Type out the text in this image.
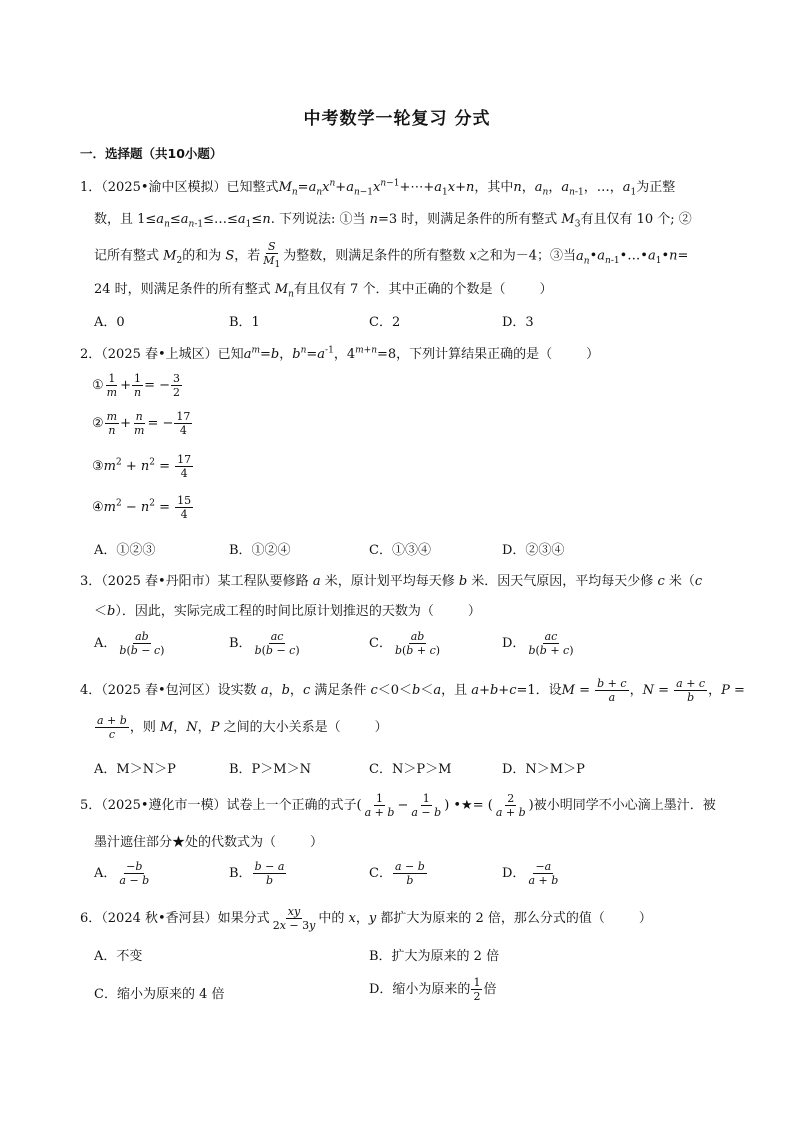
中考数学一轮复习 分式
一．选择题（共10小题）
1．（2025•渝中区模拟）已知整式$M_n=a_nx^n+a_{n-1}x^{n-1}+\cdots+a_1x+n$，其中n，$a_n$，$a_{n-1}$，…，$a_1$为正整
数，且 $1\le a_n\le a_{n-1}\le\dots\le a_1\le n$. 下列说法: ①当 n=3 时，则满足条件的所有整式 $M_3$有且仅有 10 个; ②
记所有整式 $M_2$的和为 S，若 $\frac{S}{M_1}$ 为整数，则满足条件的所有整数 x之和为－4；③当$a_n•a_{n-1}•\dots•a_1•n=$
24 时，则满足条件的所有整式 $M_n$有且仅有 7 个．其中正确的个数是（	）
A．0	B．1	C．2	D．3
2．（2025 春•上城区）已知$a^m=b$，$b^n=a^{-1}$，$4^{m+n}=8$，下列计算结果正确的是（	）
① $\frac{1}{m} + \frac{1}{n}$ = − $\frac{3}{2}$
② $\frac{m}{n} + \frac{n}{m}$ = − $\frac{17}{4}$
$③m^2 + n^2 = \frac{17}{4}$
$④m^2 - n^2 = \frac{15}{4}$
A．①②③	B．①②④	C．①③④	D．②③④
3．（2025 春•丹阳市）某工程队要修路 a 米，原计划平均每天修 b 米．因天气原因，平均每天少修 c 米（c
＜b）．因此，实际完成工程的时间比原计划推迟的天数为（	）
A． $\frac{ab}{b(b - c)}$	B． $\frac{ac}{b(b - c)}$	C． $\frac{ab}{b(b + c)}$	D． $\frac{ac}{b(b + c)}$
4．（2025 春•包河区）设实数 a，b，c 满足条件 c＜0＜b＜a，且 a+b+c=1．设$M = \frac{b + c}{a}$ ，$N = \frac{a + c}{b}$ ，P =
$\frac{a + b}{c}$ ，则 M，N，P 之间的大小关系是（	）
A．M＞N＞P	B．P＞M＞N	C．N＞P＞M	D．N＞M＞P
5．（2025•遵化市一模）试卷上一个正确的式子( $\frac{1}{a + b} - \frac{1}{a - b}$ ) •★= ( $\frac{2}{a + b}$ )被小明同学不小心滴上墨汁．被
墨汁遮住部分★处的代数式为（	）
A． $\frac{-b}{a - b}$	B． $\frac{b - a}{b}$	C． $\frac{a - b}{b}$	D． $\frac{-a}{a + b}$
6．（2024 秋•香河县）如果分式 $\frac{xy}{2x - 3y}$ 中的 x，y 都扩大为原来的 2 倍，那么分式的值（	）
A．不变	B．扩大为原来的 2 倍
C．缩小为原来的 4 倍	D．缩小为原来的 $\frac{1}{2}$ 倍
